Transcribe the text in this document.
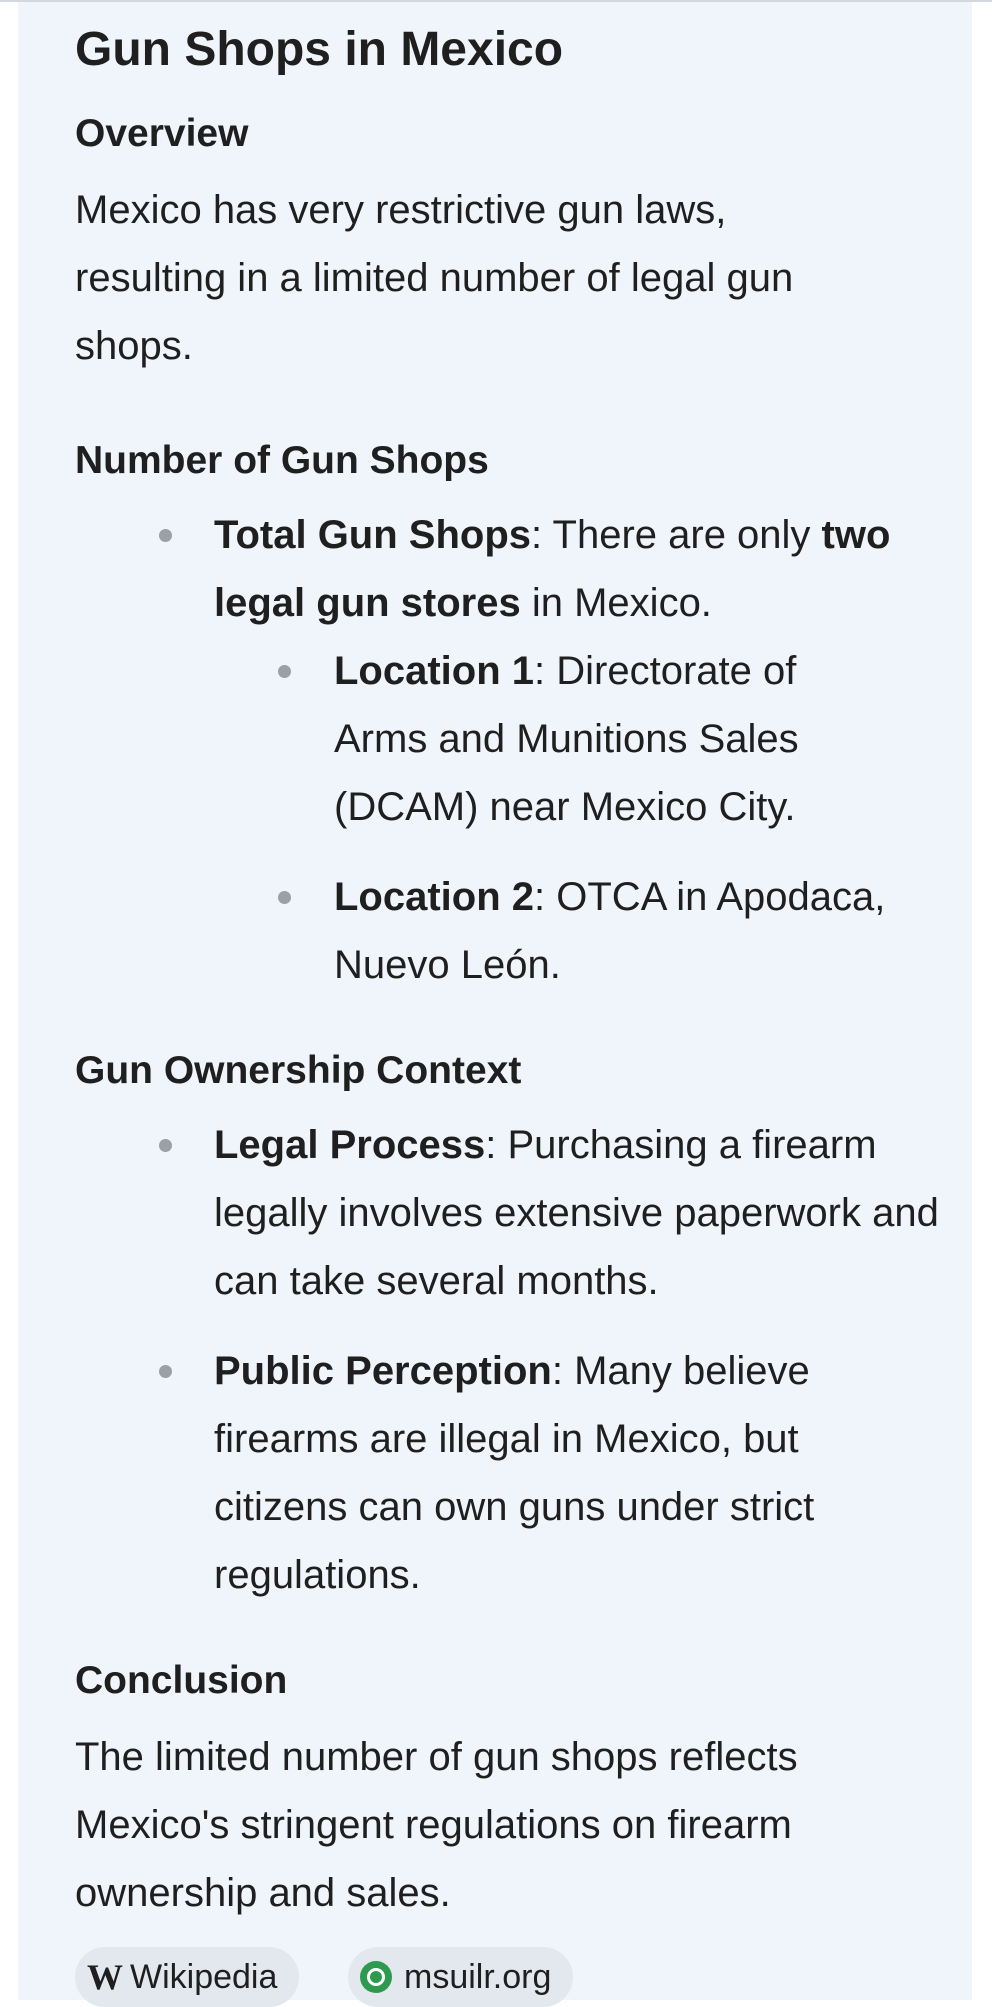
Gun Shops in Mexico
Overview
Mexico has very restrictive gun laws, resulting in a limited number of legal gun shops.
Number of Gun Shops
Total Gun Shops: There are only two legal gun stores in Mexico.
Location 1: Directorate of Arms and Munitions Sales (DCAM) near Mexico City.
Location 2: OTCA in Apodaca, Nuevo León.
Gun Ownership Context
Legal Process: Purchasing a firearm legally involves extensive paperwork and can take several months.
Public Perception: Many believe firearms are illegal in Mexico, but citizens can own guns under strict regulations.
Conclusion
The limited number of gun shops reflects Mexico's stringent regulations on firearm ownership and sales.
W Wikipedia	msuilr.org
